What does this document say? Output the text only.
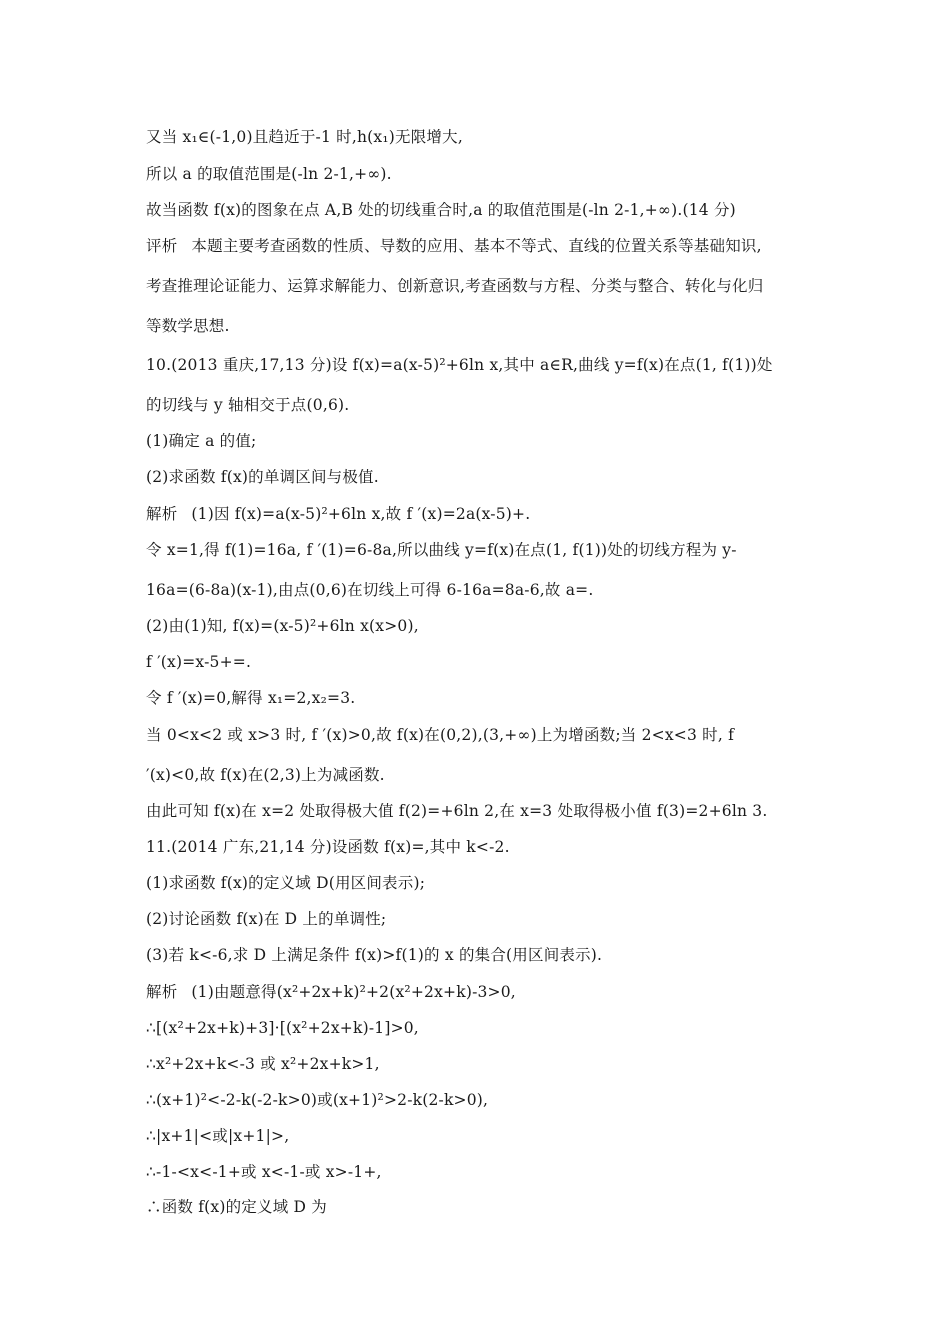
又当 x₁∈(-1,0)且趋近于-1 时,h(x₁)无限增大,
所以 a 的取值范围是(-ln 2-1,+∞).
故当函数 f(x)的图象在点 A,B 处的切线重合时,a 的取值范围是(-ln 2-1,+∞).(14 分)
评析 本题主要考查函数的性质、导数的应用、基本不等式、直线的位置关系等基础知识,
考查推理论证能力、运算求解能力、创新意识,考查函数与方程、分类与整合、转化与化归
等数学思想.
10.(2013 重庆,17,13 分)设 f(x)=a(x-5)²+6ln x,其中 a∈R,曲线 y=f(x)在点(1, f(1))处
的切线与 y 轴相交于点(0,6).
(1)确定 a 的值;
(2)求函数 f(x)的单调区间与极值.
解析 (1)因 f(x)=a(x-5)²+6ln x,故 f ′(x)=2a(x-5)+.
令 x=1,得 f(1)=16a, f ′(1)=6-8a,所以曲线 y=f(x)在点(1, f(1))处的切线方程为 y-
16a=(6-8a)(x-1),由点(0,6)在切线上可得 6-16a=8a-6,故 a=.
(2)由(1)知, f(x)=(x-5)²+6ln x(x>0),
f ′(x)=x-5+=.
令 f ′(x)=0,解得 x₁=2,x₂=3.
当 0<x<2 或 x>3 时, f ′(x)>0,故 f(x)在(0,2),(3,+∞)上为增函数;当 2<x<3 时, f
′(x)<0,故 f(x)在(2,3)上为减函数.
由此可知 f(x)在 x=2 处取得极大值 f(2)=+6ln 2,在 x=3 处取得极小值 f(3)=2+6ln 3.
11.(2014 广东,21,14 分)设函数 f(x)=,其中 k<-2.
(1)求函数 f(x)的定义域 D(用区间表示);
(2)讨论函数 f(x)在 D 上的单调性;
(3)若 k<-6,求 D 上满足条件 f(x)>f(1)的 x 的集合(用区间表示).
解析 (1)由题意得(x²+2x+k)²+2(x²+2x+k)-3>0,
∴[(x²+2x+k)+3]·[(x²+2x+k)-1]>0,
∴x²+2x+k<-3 或 x²+2x+k>1,
∴(x+1)²<-2-k(-2-k>0)或(x+1)²>2-k(2-k>0),
∴|x+1|<或|x+1|>,
∴-1-<x<-1+或 x<-1-或 x>-1+,
∴函数 f(x)的定义域 D 为
